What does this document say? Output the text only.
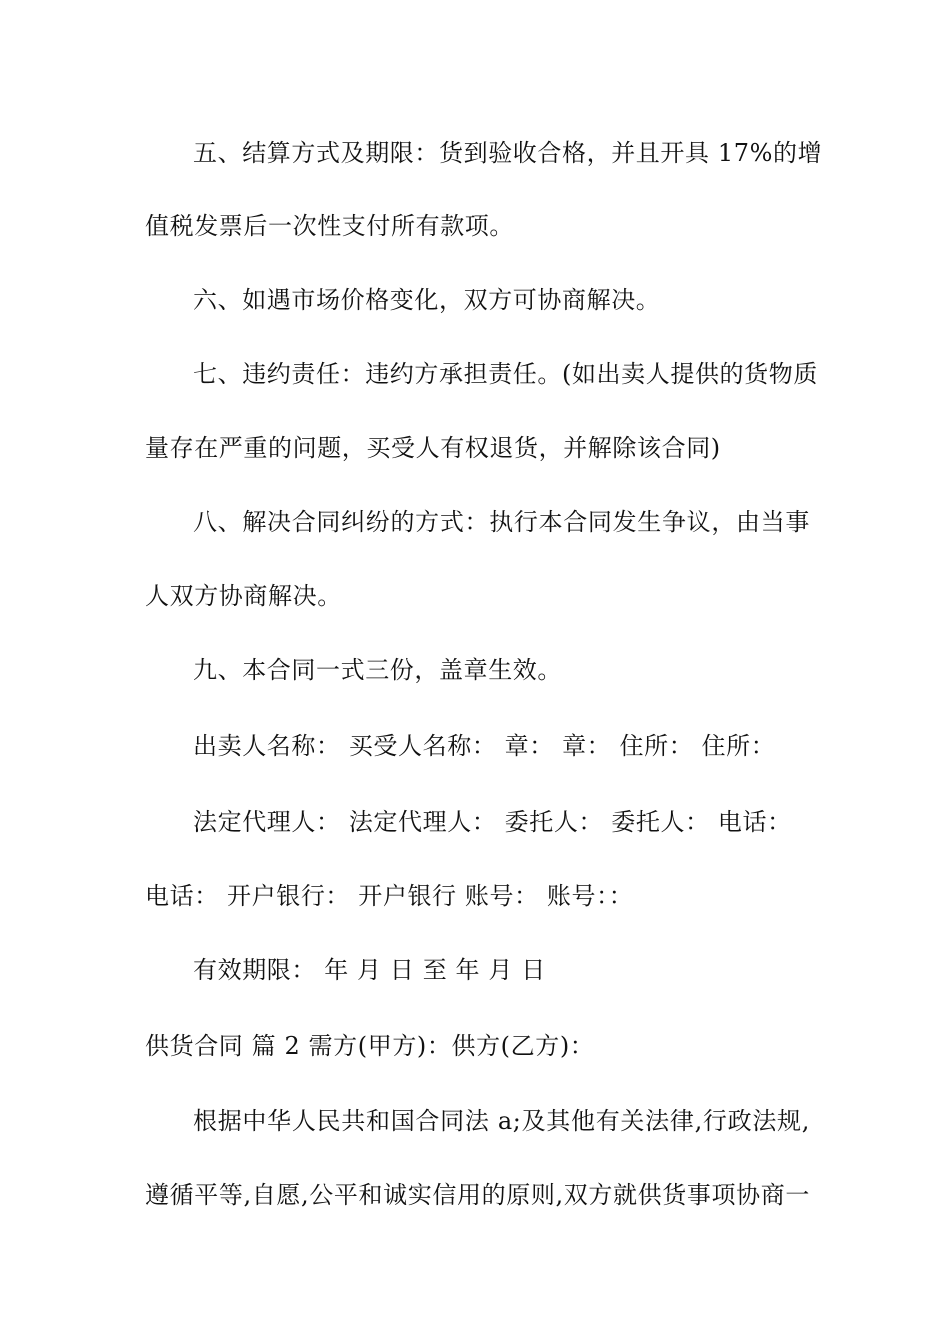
五、结算方式及期限：货到验收合格，并且开具 17%的增
值税发票后一次性支付所有款项。
六、如遇市场价格变化，双方可协商解决。
七、违约责任：违约方承担责任。(如出卖人提供的货物质
量存在严重的问题，买受人有权退货，并解除该合同)
八、解决合同纠纷的方式：执行本合同发生争议，由当事
人双方协商解决。
九、本合同一式三份，盖章生效。
出卖人名称： 买受人名称： 章： 章： 住所： 住所：
法定代理人： 法定代理人： 委托人： 委托人： 电话：
电话： 开户银行： 开户银行 账号： 账号：：
有效期限： 年 月 日 至 年 月 日
供货合同 篇 2 需方(甲方)：供方(乙方)：
根据中华人民共和国合同法 a;及其他有关法律,行政法规,
遵循平等,自愿,公平和诚实信用的原则,双方就供货事项协商一
